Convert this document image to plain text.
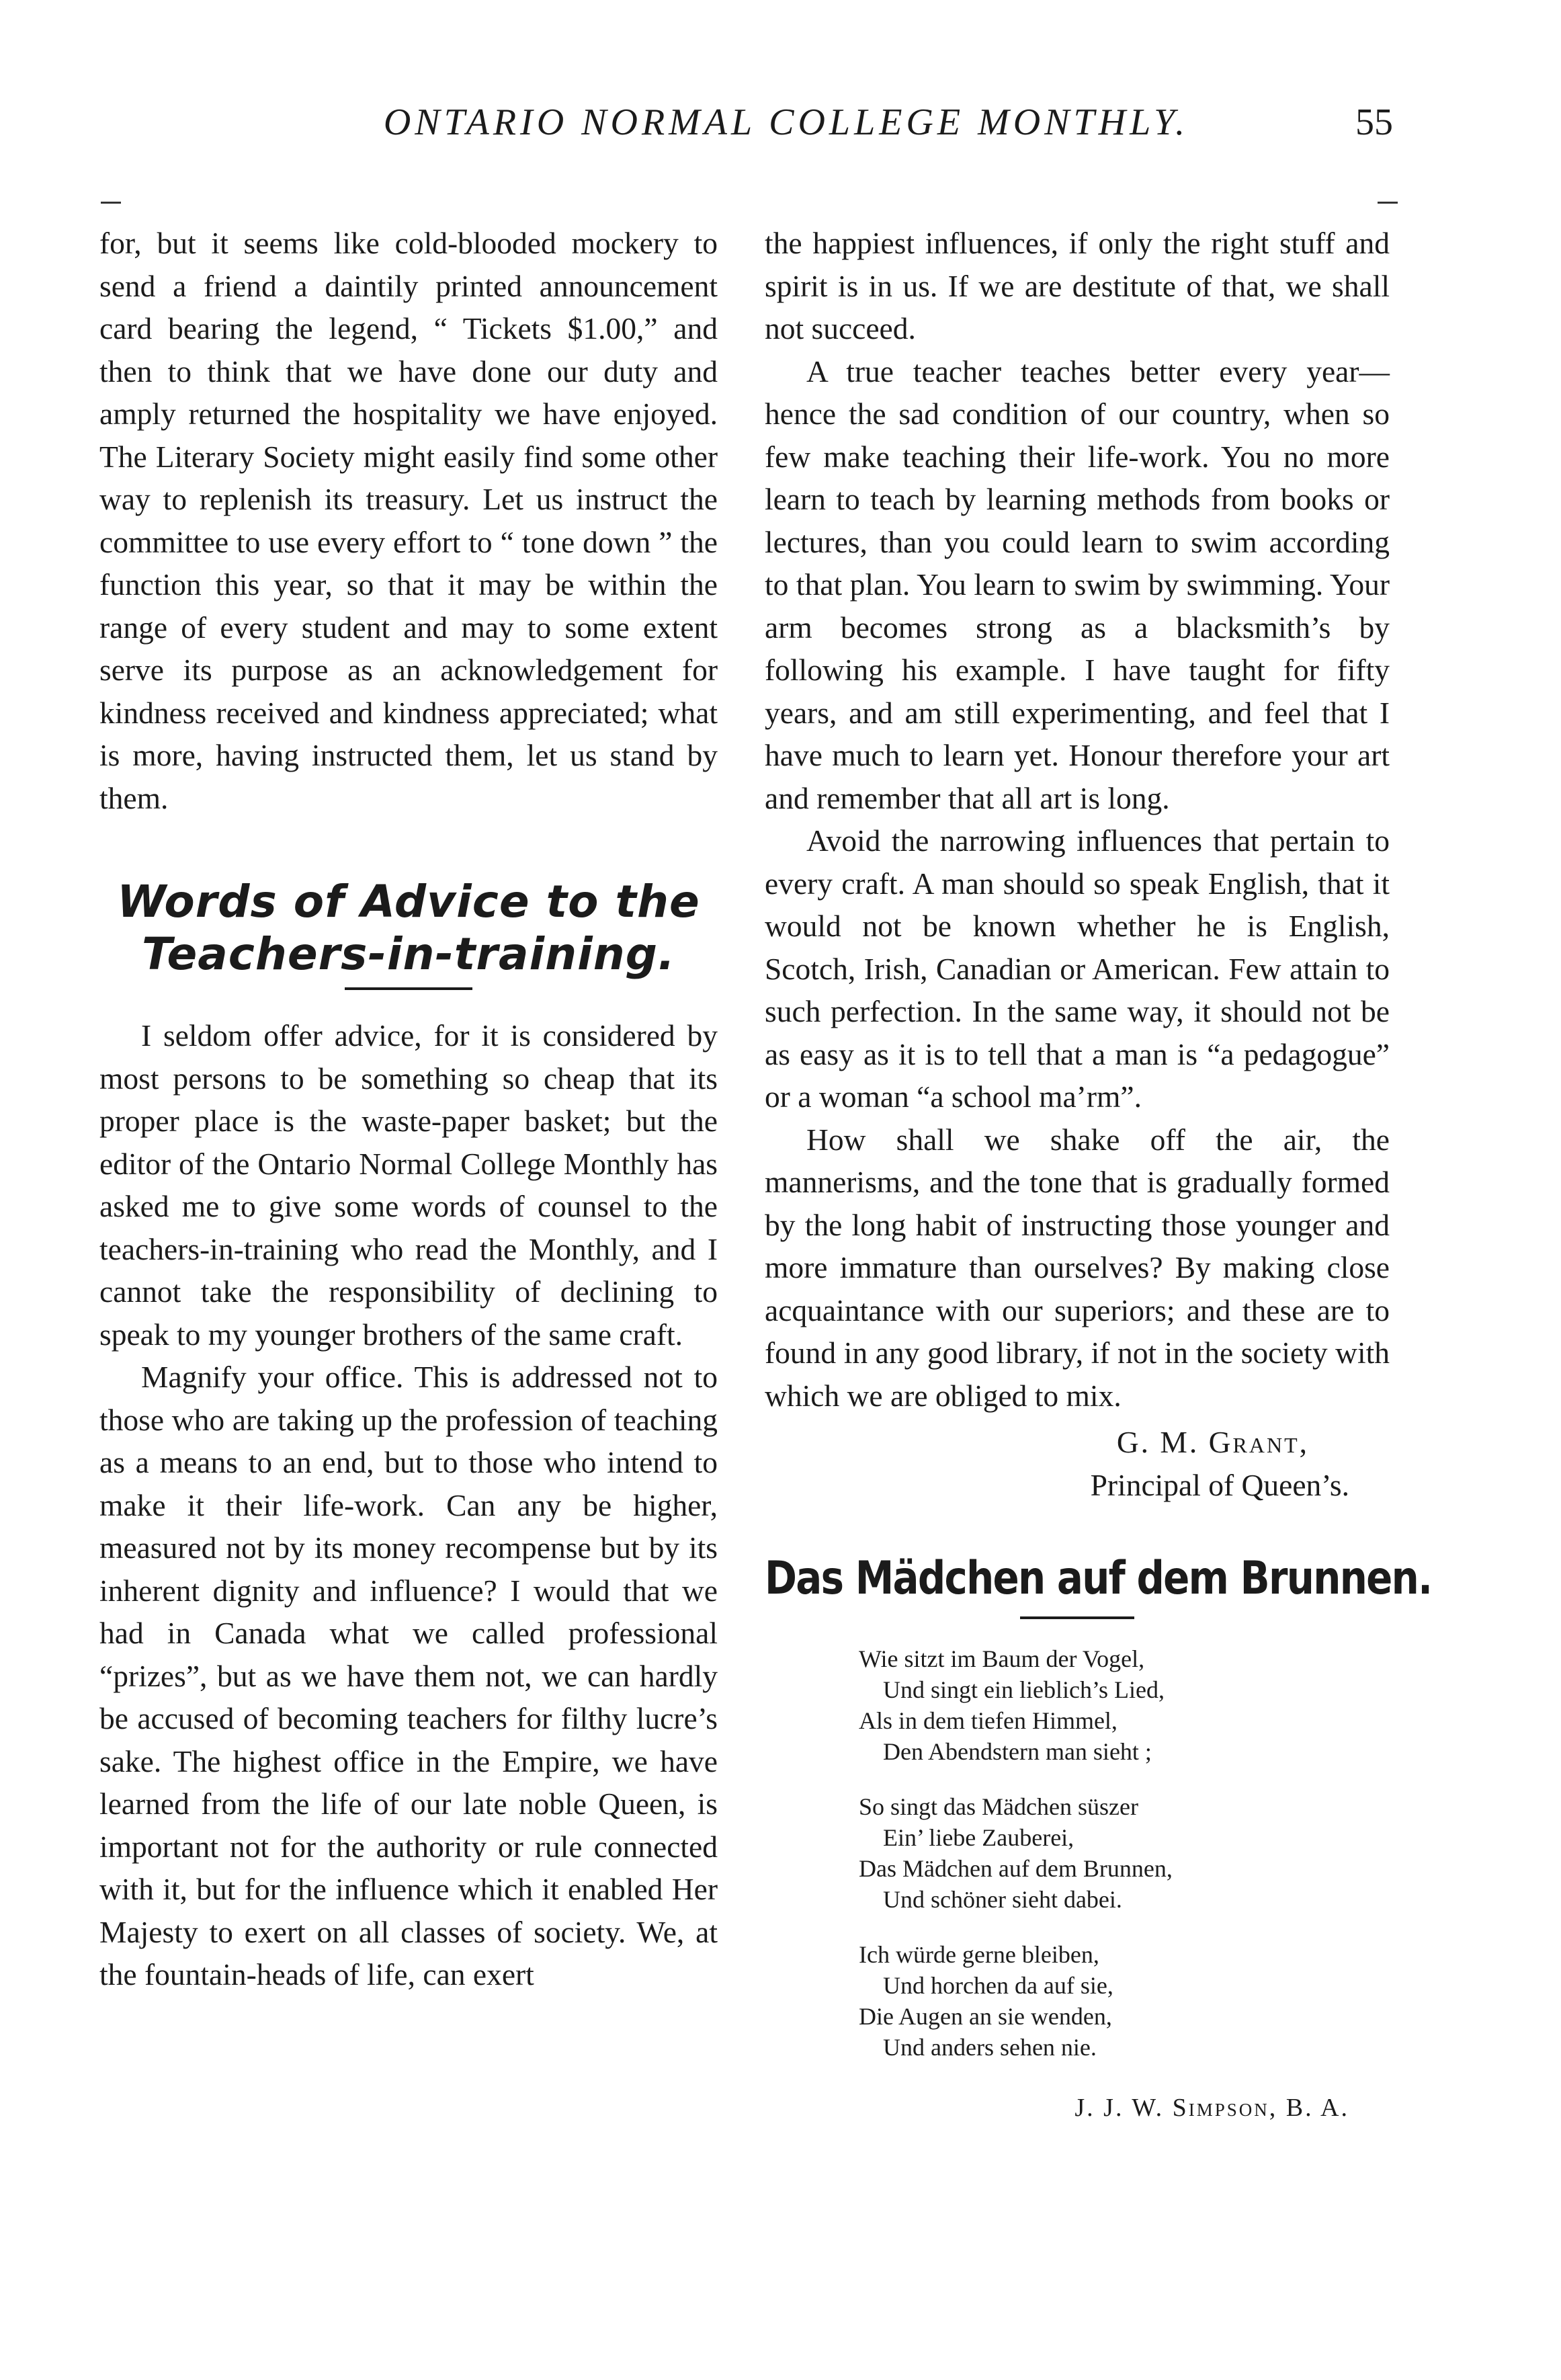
ONTARIO NORMAL COLLEGE MONTHLY.	55

for, but it seems like cold-blooded mockery to send a friend a daintily printed announcement card bearing the legend, “ Tickets $1.00,” and then to think that we have done our duty and amply returned the hospitality we have enjoyed. The Literary Society might easily find some other way to replenish its treasury. Let us instruct the committee to use every effort to “ tone down ” the function this year, so that it may be within the range of every student and may to some extent serve its purpose as an acknowledgement for kindness received and kindness appreciated; what is more, having instructed them, let us stand by them.

Words of Advice to the Teachers-in-training.

I seldom offer advice, for it is considered by most persons to be something so cheap that its proper place is the waste-paper basket; but the editor of the Ontario Normal College Monthly has asked me to give some words of counsel to the teachers-in-training who read the Monthly, and I cannot take the responsibility of declining to speak to my younger brothers of the same craft.

Magnify your office. This is addressed not to those who are taking up the profession of teaching as a means to an end, but to those who intend to make it their life-work. Can any be higher, measured not by its money recompense but by its inherent dignity and influence? I would that we had in Canada what we called professional “prizes”, but as we have them not, we can hardly be accused of becoming teachers for filthy lucre’s sake. The highest office in the Empire, we have learned from the life of our late noble Queen, is important not for the authority or rule connected with it, but for the influence which it enabled Her Majesty to exert on all classes of society. We, at the fountain-heads of life, can exert

the happiest influences, if only the right stuff and spirit is in us. If we are destitute of that, we shall not succeed.

A true teacher teaches better every year—hence the sad condition of our country, when so few make teaching their life-work. You no more learn to teach by learning methods from books or lectures, than you could learn to swim according to that plan. You learn to swim by swimming. Your arm becomes strong as a blacksmith’s by following his example. I have taught for fifty years, and am still experimenting, and feel that I have much to learn yet. Honour therefore your art and remember that all art is long.

Avoid the narrowing influences that pertain to every craft. A man should so speak English, that it would not be known whether he is English, Scotch, Irish, Canadian or American. Few attain to such perfection. In the same way, it should not be as easy as it is to tell that a man is “a pedagogue” or a woman “a school ma’rm”.

How shall we shake off the air, the mannerisms, and the tone that is gradually formed by the long habit of instructing those younger and more immature than ourselves? By making close acquaintance with our superiors; and these are to found in any good library, if not in the society with which we are obliged to mix.

G. M. Grant,
Principal of Queen’s.
Das Mädchen auf dem Brunnen.
Wie sitzt im Baum der Vogel,
Und singt ein lieblich’s Lied,
Als in dem tiefen Himmel,
Den Abendstern man sieht ;
So singt das Mädchen süszer
Ein’ liebe Zauberei,
Das Mädchen auf dem Brunnen,
Und schöner sieht dabei.
Ich würde gerne bleiben,
Und horchen da auf sie,
Die Augen an sie wenden,
Und anders sehen nie.
J. J. W. Simpson, B. A.
